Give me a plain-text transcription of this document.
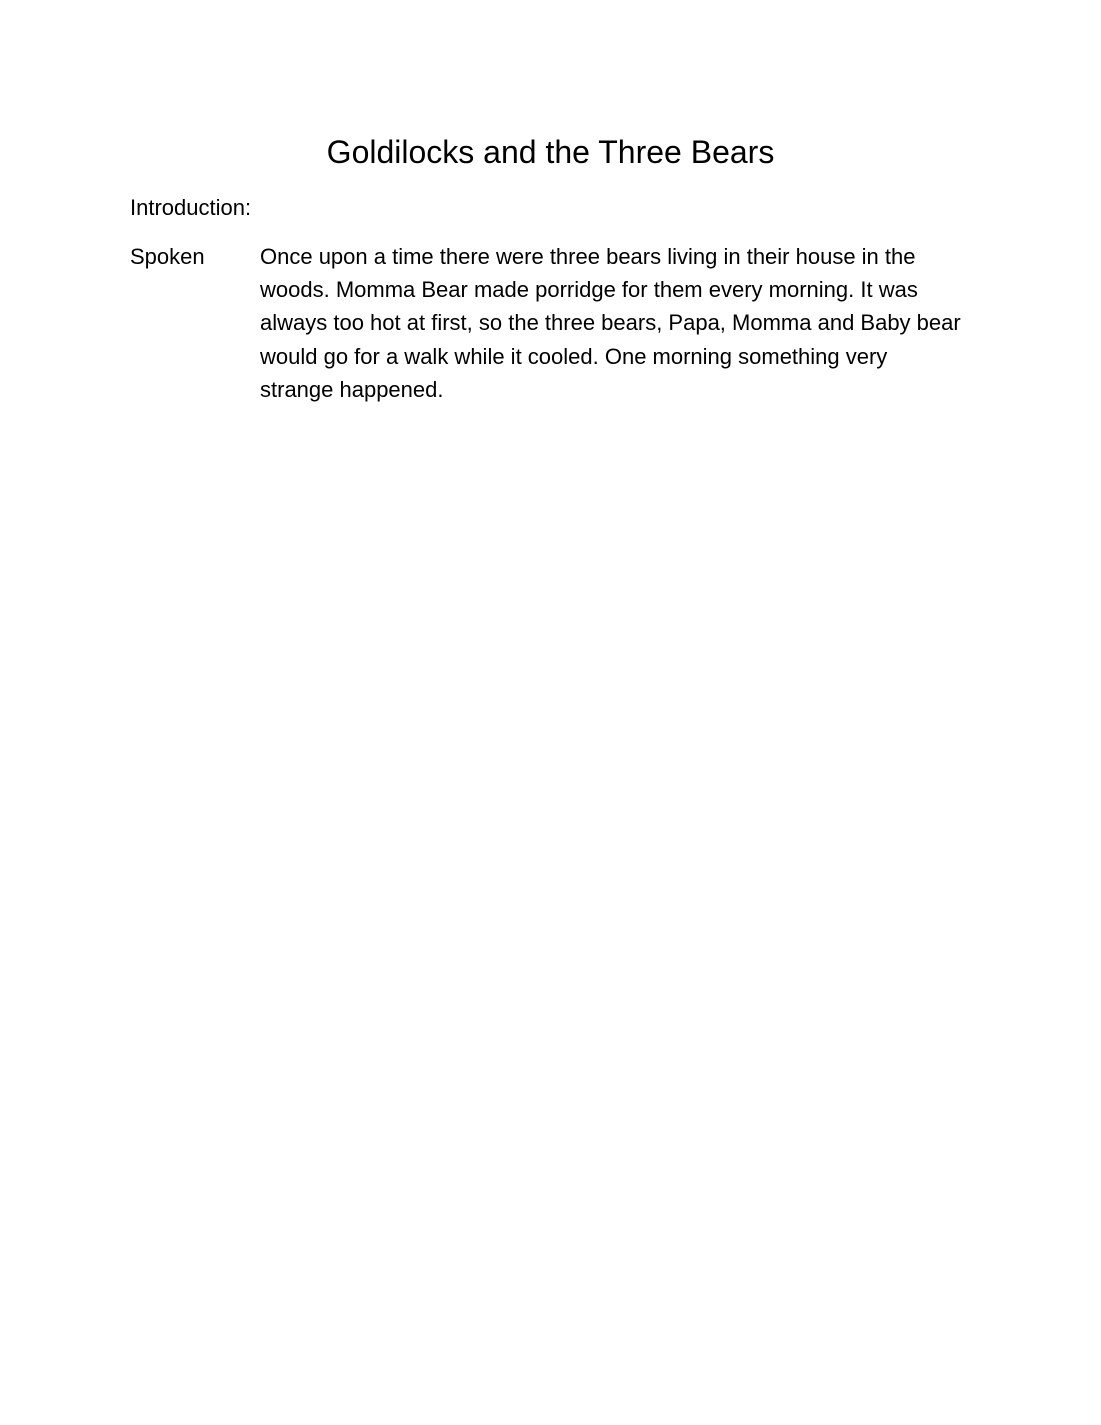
Goldilocks and the Three Bears
Introduction:
Spoken	Once upon a time there were three bears living in their house in the woods. Momma Bear made porridge for them every morning. It was always too hot at first, so the three bears, Papa, Momma and Baby bear would go for a walk while it cooled. One morning something very strange happened.
